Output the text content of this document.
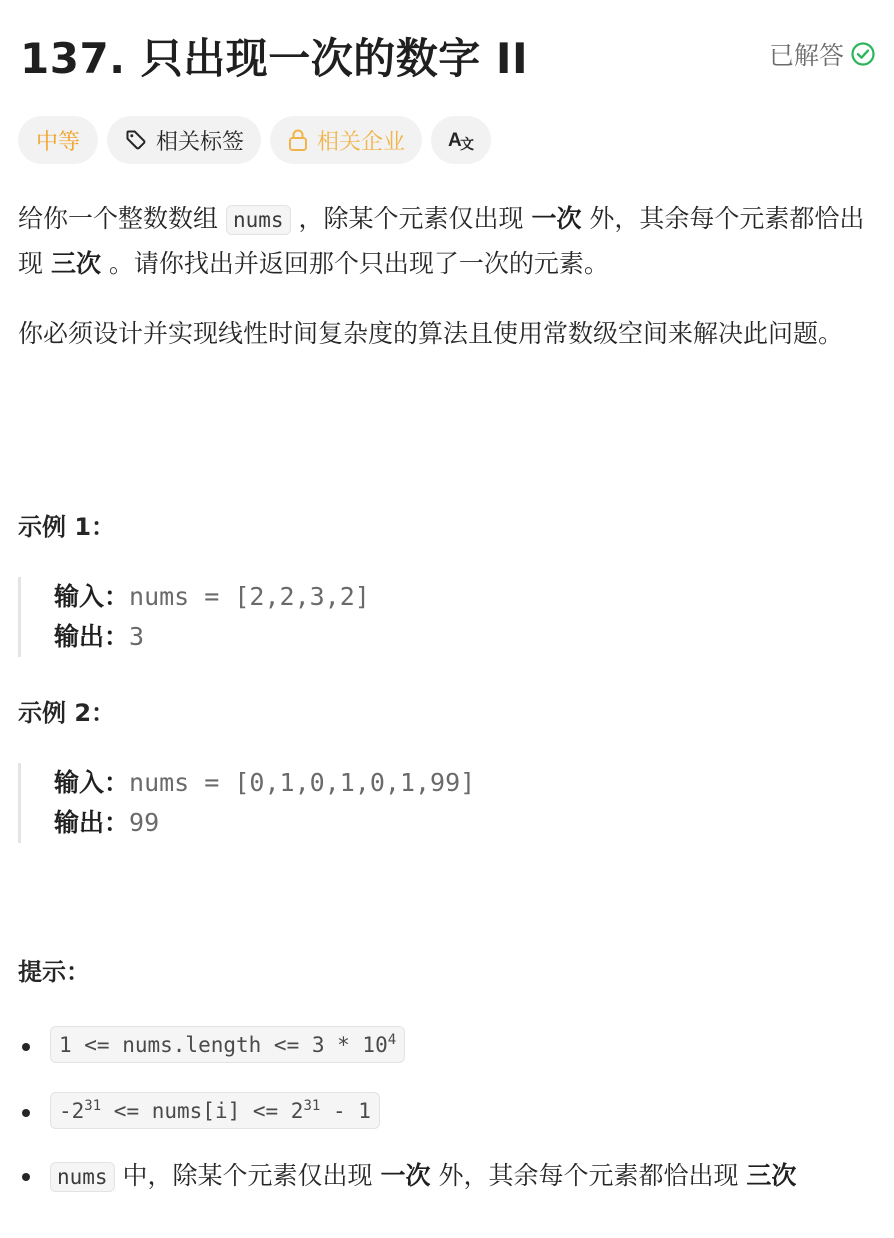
137. 只出现一次的数字 II	已解答
中等	相关标签	相关企业 A
文
给你一个整数数组 nums ，除某个元素仅出现 一次 外，其余每个元素都恰出现 三次 。请你找出并返回那个只出现了一次的元素。
你必须设计并实现线性时间复杂度的算法且使用常数级空间来解决此问题。
示例 1：
输入：nums = [2,2,3,2]
输出：3
示例 2：
输入：nums = [0,1,0,1,0,1,99]
输出：99
提示：
1 <= nums.length <= $3 * 10^4$
$-2^{31}$ <= nums[i] <= $2^{31} - 1$
nums 中，除某个元素仅出现 一次 外，其余每个元素都恰出现 三次
